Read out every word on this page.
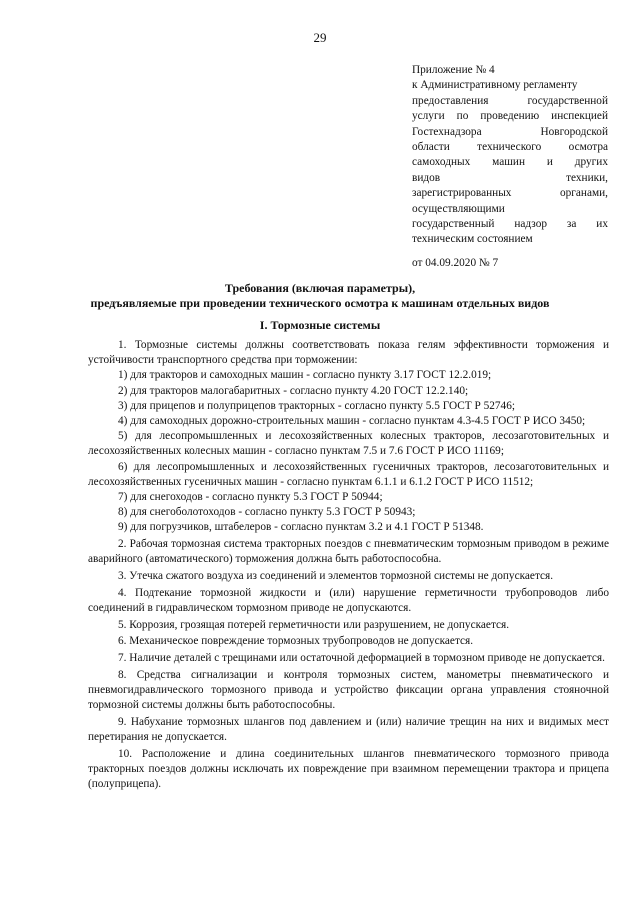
29
Приложение № 4
к Административному регламенту
предоставления государственной
услуги по проведению инспекцией
Гостехнадзора Новгородской
области технического осмотра
самоходных машин и других
видов техники,
зарегистрированных органами,
осуществляющими
государственный надзор за их
техническим состоянием
от 04.09.2020 № 7
Требования (включая параметры),
предъявляемые при проведении технического осмотра к машинам отдельных видов
I. Тормозные системы

1. Тормозные системы должны соответствовать показа гелям эффективности торможения и устойчивости транспортного средства при торможении:

1) для тракторов и самоходных машин - согласно пункту 3.17 ГОСТ 12.2.019;

2) для тракторов малогабаритных - согласно пункту 4.20 ГОСТ 12.2.140;

3) для прицепов и полуприцепов тракторных - согласно пункту 5.5 ГОСТ Р 52746;

4) для самоходных дорожно-строительных машин - согласно пунктам 4.3-4.5 ГОСТ Р ИСО 3450;

5) для лесопромышленных и лесохозяйственных колесных тракторов, лесозаготовительных и лесохозяйственных колесных машин - согласно пунктам 7.5 и 7.6 ГОСТ Р ИСО 11169;

6) для лесопромышленных и лесохозяйственных гусеничных тракторов, лесозаготовительных и лесохозяйственных гусеничных машин - согласно пунктам 6.1.1 и 6.1.2 ГОСТ Р ИСО 11512;

7) для снегоходов - согласно пункту 5.3 ГОСТ Р 50944;

8) для снегоболотоходов - согласно пункту 5.3 ГОСТ Р 50943;

9) для погрузчиков, штабелеров - согласно пунктам 3.2 и 4.1 ГОСТ Р 51348.

2. Рабочая тормозная система тракторных поездов с пневматическим тормозным приводом в режиме аварийного (автоматического) торможения должна быть работоспособна.

3. Утечка сжатого воздуха из соединений и элементов тормозной системы не допускается.

4. Подтекание тормозной жидкости и (или) нарушение герметичности трубопроводов либо соединений в гидравлическом тормозном приводе не допускаются.

5. Коррозия, грозящая потерей герметичности или разрушением, не допускается.

6. Механическое повреждение тормозных трубопроводов не допускается.

7. Наличие деталей с трещинами или остаточной деформацией в тормозном приводе не допускается.

8. Средства сигнализации и контроля тормозных систем, манометры пневматического и пневмогидравлического тормозного привода и устройство фиксации органа управления стояночной тормозной системы должны быть работоспособны.

9. Набухание тормозных шлангов под давлением и (или) наличие трещин на них и видимых мест перетирания не допускается.

10. Расположение и длина соединительных шлангов пневматического тормозного привода тракторных поездов должны исключать их повреждение при взаимном перемещении трактора и прицепа (полуприцепа).
